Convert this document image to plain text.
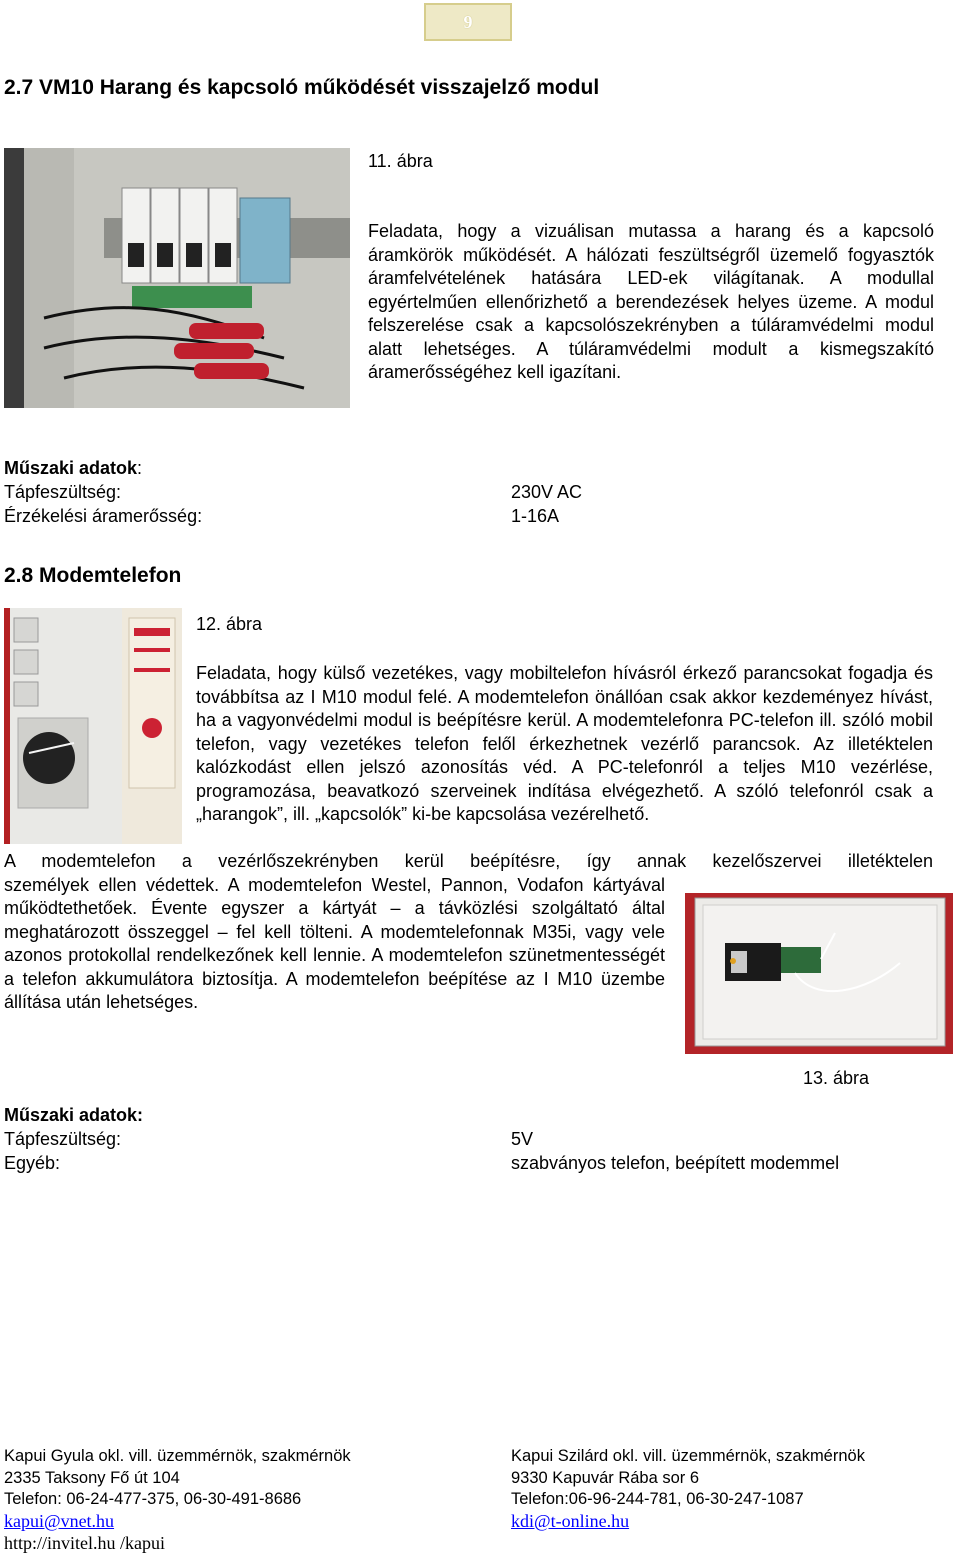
9
2.7 VM10 Harang és kapcsoló működését visszajelző modul
11. ábra

Feladata, hogy a vizuálisan mutassa a harang és a kapcsoló áramkörök működését. A hálózati feszültségről üzemelő fogyasztók áramfelvételének hatására LED-ek világítanak. A modullal egyértelműen ellenőrizhető a berendezések helyes üzeme. A modul felszerelése csak a kapcsolószekrényben a túláramvédelmi modul alatt lehetséges. A túláramvédelmi modult a kismegszakító áramerősségéhez kell igazítani.

Műszaki adatok:
Tápfeszültség:	230V AC
Érzékelési áramerősség:	1-16A
2.8 Modemtelefon
12. ábra

Feladata, hogy külső vezetékes, vagy mobiltelefon hívásról érkező parancsokat fogadja és továbbítsa az I M10 modul felé. A modemtelefon önállóan csak akkor kezdeményez hívást, ha a vagyonvédelmi modul is beépítésre kerül. A modemtelefonra PC-telefon ill. szóló mobil telefon, vagy vezetékes telefon felől érkezhetnek vezérlő parancsok. Az illetéktelen kalózkodást ellen jelszó azonosítás véd. A PC-telefonról a teljes M10 vezérlése, programozása, beavatkozó szerveinek indítása elvégezhető. A szóló telefonról csak a „harangok”, ill. „kapcsolók” ki-be kapcsolása vezérelhető.

A modemtelefon a vezérlőszekrényben kerül beépítésre, így annak kezelőszervei illetéktelen

személyek ellen védettek. A modemtelefon Westel, Pannon, Vodafon kártyával működtethetőek. Évente egyszer a kártyát – a távközlési szolgáltató által meghatározott összeggel – fel kell tölteni. A modemtelefonnak M35i, vagy vele azonos protokollal rendelkezőnek kell lennie. A modemtelefon szünetmentességét a telefon akkumulátora biztosítja. A modemtelefon beépítése az I M10 üzembe állítása után lehetséges.

13. ábra
Műszaki adatok:
Tápfeszültség:	5V
Egyéb:	szabványos telefon, beépített modemmel
Kapui Gyula okl. vill. üzemmérnök, szakmérnök
2335 Taksony Fő út 104
Telefon: 06-24-477-375, 06-30-491-8686
kapui@vnet.hu
http://invitel.hu /kapui
Kapui Szilárd okl. vill. üzemmérnök, szakmérnök
9330 Kapuvár Rába sor 6
Telefon:06-96-244-781, 06-30-247-1087
kdi@t-online.hu
